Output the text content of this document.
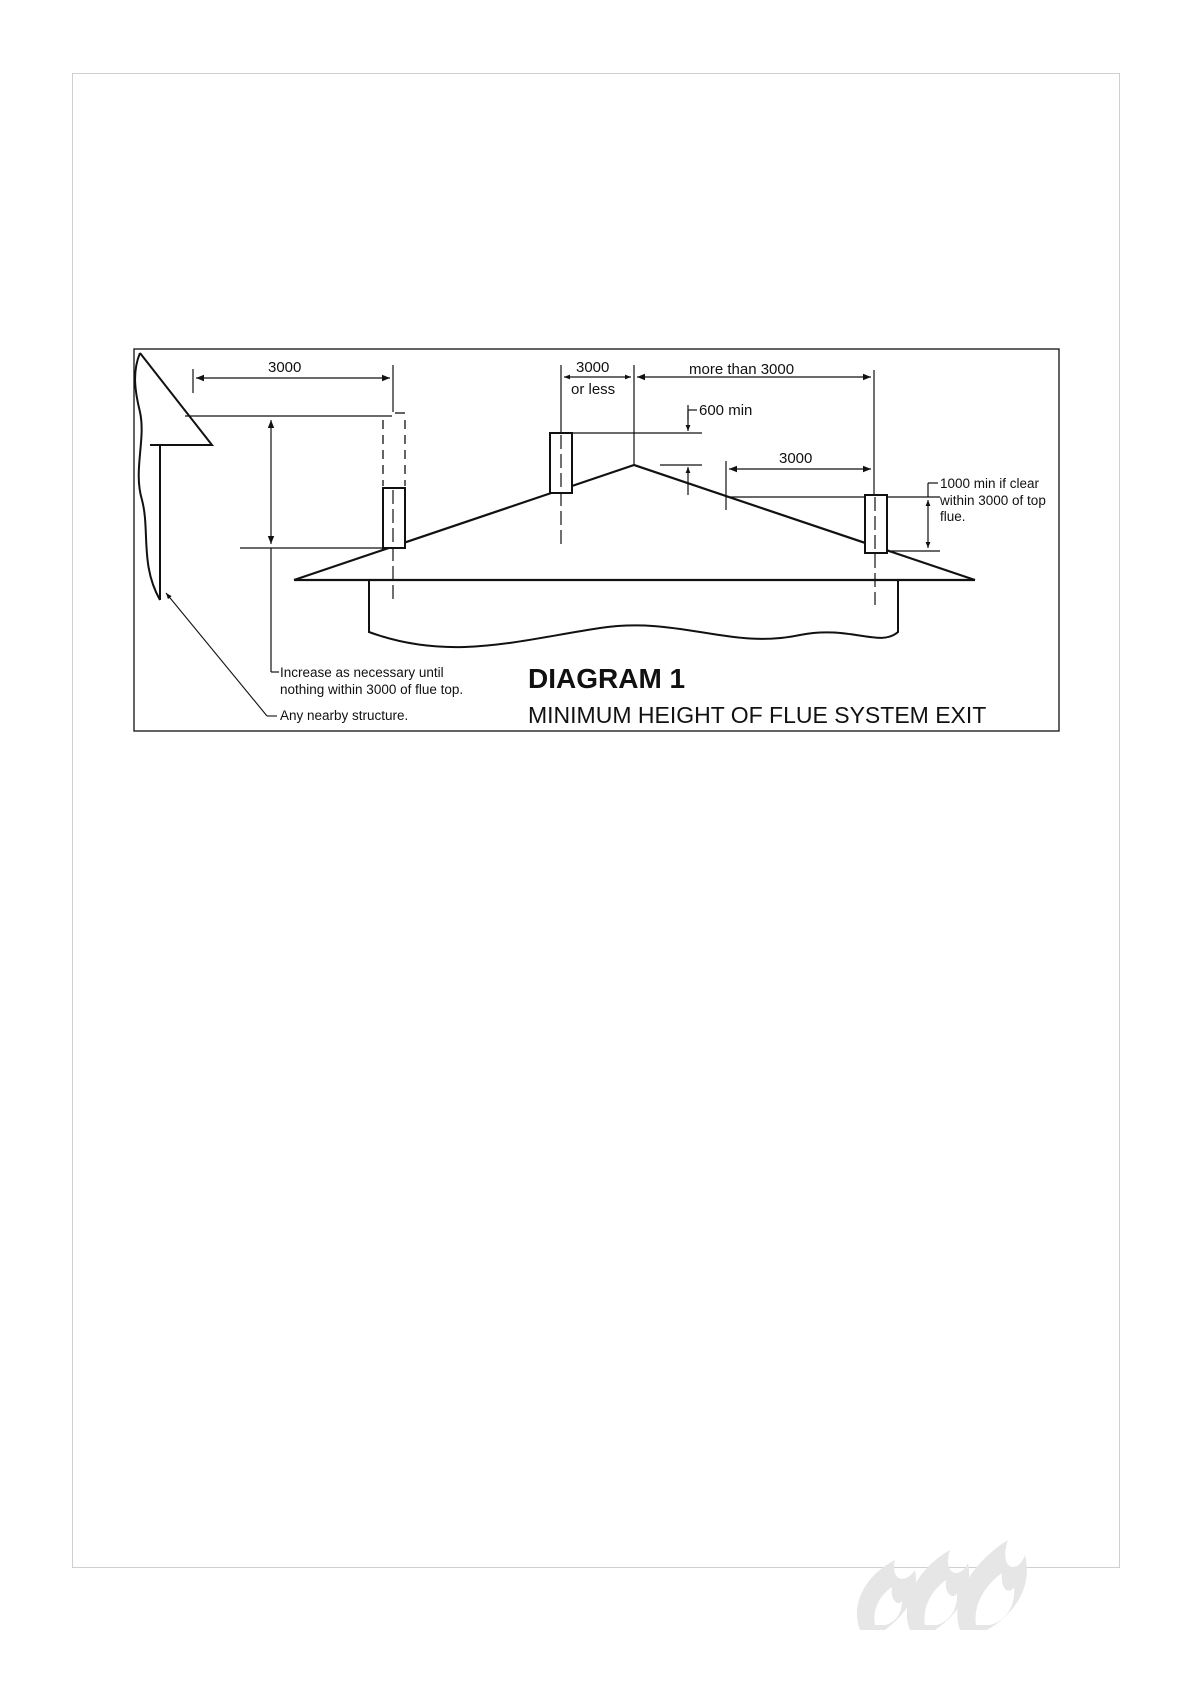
3000	3000
or less
more than 3000
600 min
3000
1000 min if clear
within 3000 of top
flue.
Increase as necessary until
nothing within 3000 of flue top.
Any nearby structure.
DIAGRAM 1
MINIMUM HEIGHT OF FLUE SYSTEM EXIT
